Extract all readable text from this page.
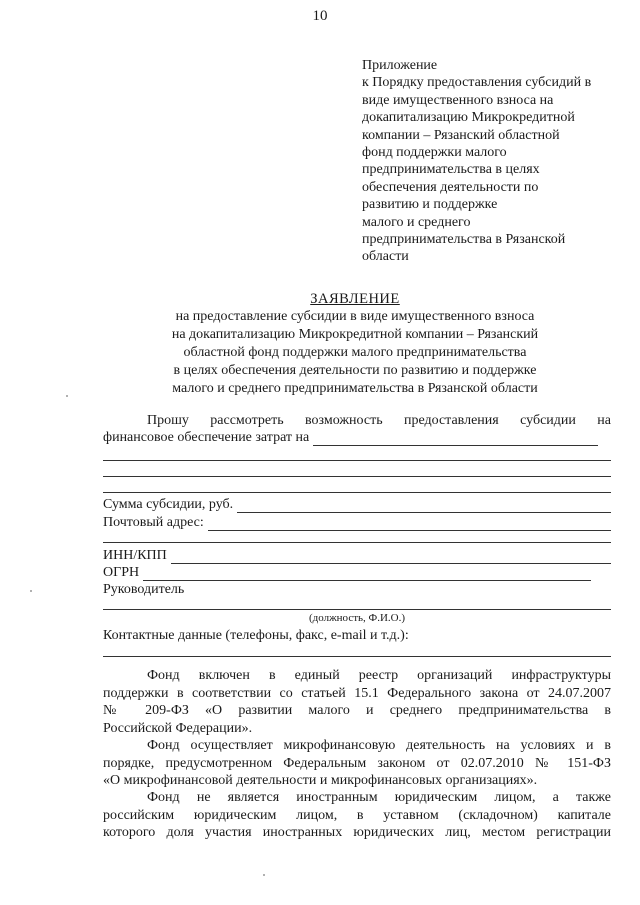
10
Приложение
к Порядку предоставления субсидий в
виде имущественного взноса на
докапитализацию Микрокредитной
компании – Рязанский областной
фонд поддержки малого
предпринимательства в целях
обеспечения деятельности по
развитию и поддержке
малого и среднего
предпринимательства в Рязанской
области
ЗАЯВЛЕНИЕ
на предоставление субсидии в виде имущественного взноса
на докапитализацию Микрокредитной компании – Рязанский
областной фонд поддержки малого предпринимательства
в целях обеспечения деятельности по развитию и поддержке
малого и среднего предпринимательства в Рязанской области
Прошу рассмотреть возможность предоставления субсидии на
финансовое обеспечение затрат на
Сумма субсидии, руб.
Почтовый адрес:
ИНН/КПП
ОГРН
Руководитель
(должность, Ф.И.О.)
Контактные данные (телефоны, факс, e-mail и т.д.):
Фонд включен в единый реестр организаций инфраструктуры
поддержки в соответствии со статьей 15.1 Федерального закона от 24.07.2007
№ 209-ФЗ «О развитии малого и среднего предпринимательства в
Российской Федерации».
Фонд осуществляет микрофинансовую деятельность на условиях и в
порядке, предусмотренном Федеральным законом от 02.07.2010 № 151-ФЗ
«О микрофинансовой деятельности и микрофинансовых организациях».
Фонд не является иностранным юридическим лицом, а также
российским юридическим лицом, в уставном (складочном) капитале
которого доля участия иностранных юридических лиц, местом регистрации
